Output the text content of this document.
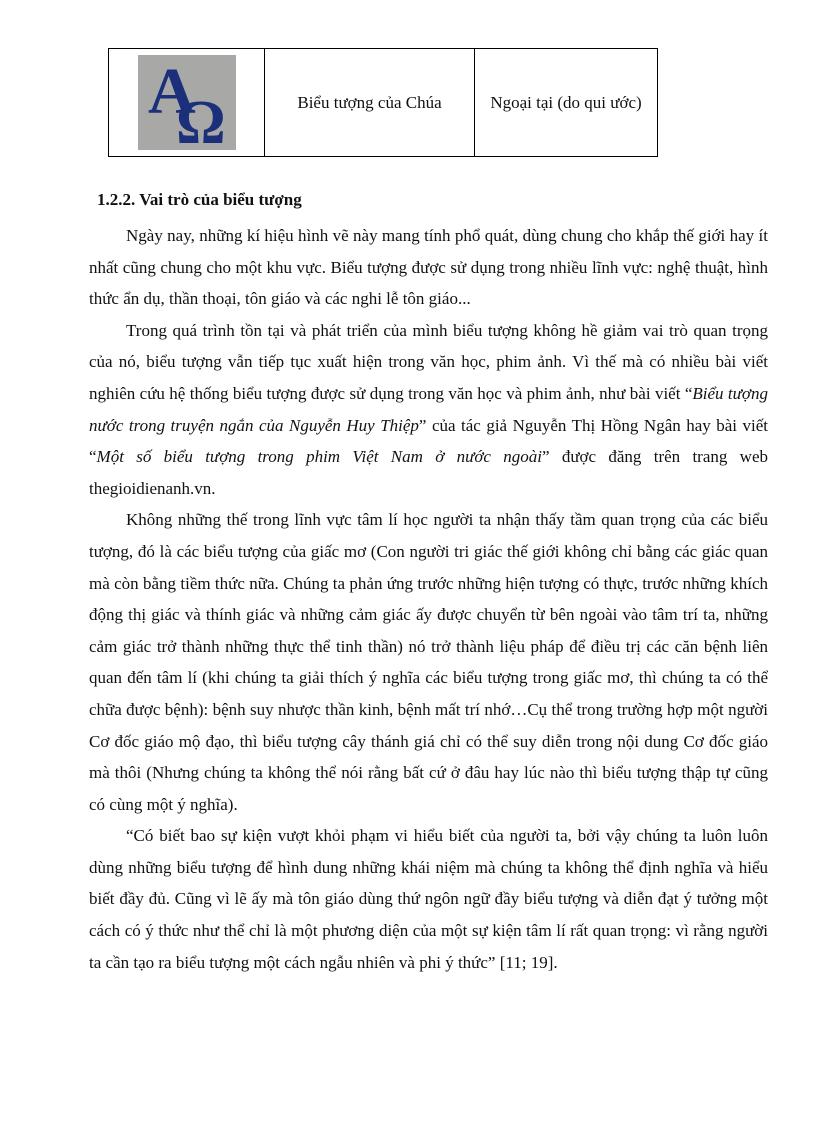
A
Ω	Biểu tượng của Chúa	Ngoại tại (do qui ước)
1.2.2. Vai trò của biểu tượng

Ngày nay, những kí hiệu hình vẽ này mang tính phổ quát, dùng chung cho khắp thế giới hay ít nhất cũng chung cho một khu vực. Biểu tượng được sử dụng trong nhiều lĩnh vực: nghệ thuật, hình thức ẩn dụ, thần thoại, tôn giáo và các nghi lễ tôn giáo...

Trong quá trình tồn tại và phát triển của mình biểu tượng không hề giảm vai trò quan trọng của nó, biểu tượng vẫn tiếp tục xuất hiện trong văn học, phim ảnh. Vì thế mà có nhiều bài viết nghiên cứu hệ thống biểu tượng được sử dụng trong văn học và phim ảnh, như bài viết “Biểu tượng nước trong truyện ngắn của Nguyễn Huy Thiệp” của tác giả Nguyễn Thị Hồng Ngân hay bài viết “Một số biểu tượng trong phim Việt Nam ở nước ngoài” được đăng trên trang web thegioidienanh.vn.

Không những thế trong lĩnh vực tâm lí học người ta nhận thấy tầm quan trọng của các biểu tượng, đó là các biểu tượng của giấc mơ (Con người tri giác thế giới không chỉ bằng các giác quan mà còn bằng tiềm thức nữa. Chúng ta phản ứng trước những hiện tượng có thực, trước những khích động thị giác và thính giác và những cảm giác ấy được chuyển từ bên ngoài vào tâm trí ta, những cảm giác trở thành những thực thể tinh thần) nó trở thành liệu pháp để điều trị các căn bệnh liên quan đến tâm lí (khi chúng ta giải thích ý nghĩa các biểu tượng trong giấc mơ, thì chúng ta có thể chữa được bệnh): bệnh suy nhược thần kinh, bệnh mất trí nhớ…Cụ thể trong trường hợp một người Cơ đốc giáo mộ đạo, thì biểu tượng cây thánh giá chỉ có thể suy diễn trong nội dung Cơ đốc giáo mà thôi (Nhưng chúng ta không thể nói rằng bất cứ ở đâu hay lúc nào thì biểu tượng thập tự cũng có cùng một ý nghĩa).

“Có biết bao sự kiện vượt khỏi phạm vi hiểu biết của người ta, bởi vậy chúng ta luôn luôn dùng những biểu tượng để hình dung những khái niệm mà chúng ta không thể định nghĩa và hiểu biết đầy đủ. Cũng vì lẽ ấy mà tôn giáo dùng thứ ngôn ngữ đầy biểu tượng và diễn đạt ý tưởng một cách có ý thức như thể chỉ là một phương diện của một sự kiện tâm lí rất quan trọng: vì rằng người ta cần tạo ra biểu tượng một cách ngẫu nhiên và phi ý thức” [11; 19].
